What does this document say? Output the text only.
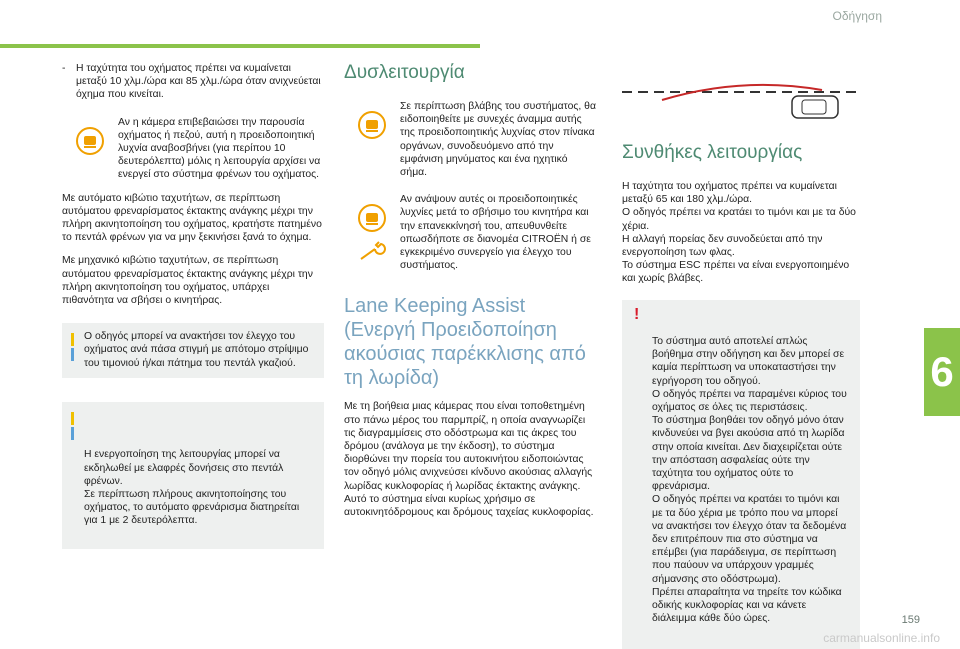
Οδήγηση
-	Η ταχύτητα του οχήματος πρέπει να κυμαίνεται μεταξύ 10 χλμ./ώρα και 85 χλμ./ώρα όταν ανιχνεύεται όχημα που κινείται.
Αν η κάμερα επιβεβαιώσει την παρουσία οχήματος ή πεζού, αυτή η προειδοποιητική λυχνία αναβοσβήνει (για περίπου 10 δευτερόλεπτα) μόλις η λειτουργία αρχίσει να ενεργεί στο σύστημα φρένων του οχήματος.
Με αυτόματο κιβώτιο ταχυτήτων, σε περίπτωση αυτόματου φρεναρίσματος έκτακτης ανάγκης μέχρι την πλήρη ακινητοποίηση του οχήματος, κρατήστε πατημένο το πεντάλ φρένων για να μην ξεκινήσει ξανά το όχημα.
Με μηχανικό κιβώτιο ταχυτήτων, σε περίπτωση αυτόματου φρεναρίσματος έκτακτης ανάγκης μέχρι την πλήρη ακινητοποίηση του οχήματος, υπάρχει πιθανότητα να σβήσει ο κινητήρας.
Ο οδηγός μπορεί να ανακτήσει τον έλεγχο του οχήματος ανά πάσα στιγμή με απότομο στρίψιμο του τιμονιού ή/και πάτημα του πεντάλ γκαζιού.

Η ενεργοποίηση της λειτουργίας μπορεί να εκδηλωθεί με ελαφρές δονήσεις στο πεντάλ φρένων.
Σε περίπτωση πλήρους ακινητοποίησης του οχήματος, το αυτόματο φρενάρισμα διατηρείται για 1 με 2 δευτερόλεπτα.

Δυσλειτουργία
Σε περίπτωση βλάβης του συστήματος, θα ειδοποιηθείτε με συνεχές άναμμα αυτής της προειδοποιητικής λυχνίας στον πίνακα οργάνων, συνοδευόμενο από την εμφάνιση μηνύματος και ένα ηχητικό σήμα.
Αν ανάψουν αυτές οι προειδοποιητικές λυχνίες μετά το σβήσιμο του κινητήρα και την επανεκκίνησή του, απευθυνθείτε οπωσδήποτε σε διανομέα CITROËN ή σε εγκεκριμένο συνεργείο για έλεγχο του συστήματος.
Lane Keeping Assist (Ενεργή Προειδοποίηση ακούσιας παρέκκλισης από τη λωρίδα)
Με τη βοήθεια μιας κάμερας που είναι τοποθετημένη στο πάνω μέρος του παρμπρίζ, η οποία αναγνωρίζει τις διαγραμμίσεις στο οδόστρωμα και τις άκρες του δρόμου (ανάλογα με την έκδοση), το σύστημα διορθώνει την πορεία του αυτοκινήτου ειδοποιώντας τον οδηγό μόλις ανιχνεύσει κίνδυνο ακούσιας αλλαγής λωρίδας κυκλοφορίας ή λωρίδας έκτακτης ανάγκης.
Αυτό το σύστημα είναι κυρίως χρήσιμο σε αυτοκινητόδρομους και δρόμους ταχείας κυκλοφορίας.
Συνθήκες λειτουργίας
Η ταχύτητα του οχήματος πρέπει να κυμαίνεται μεταξύ 65 και 180 χλμ./ώρα.
Ο οδηγός πρέπει να κρατάει το τιμόνι και με τα δύο χέρια.
Η αλλαγή πορείας δεν συνοδεύεται από την ενεργοποίηση των φλας.
Το σύστημα ESC πρέπει να είναι ενεργοποιημένο και χωρίς βλάβες.

!

Το σύστημα αυτό αποτελεί απλώς βοήθημα στην οδήγηση και δεν μπορεί σε καμία περίπτωση να υποκαταστήσει την εγρήγορση του οδηγού.
Ο οδηγός πρέπει να παραμένει κύριος του οχήματος σε όλες τις περιστάσεις.
Το σύστημα βοηθάει τον οδηγό μόνο όταν κινδυνεύει να βγει ακούσια από τη λωρίδα στην οποία κινείται. Δεν διαχειρίζεται ούτε την απόσταση ασφαλείας ούτε την ταχύτητα του οχήματος ούτε το φρενάρισμα.
Ο οδηγός πρέπει να κρατάει το τιμόνι και με τα δύο χέρια με τρόπο που να μπορεί να ανακτήσει τον έλεγχο όταν τα δεδομένα δεν επιτρέπουν πια στο σύστημα να επέμβει (για παράδειγμα, σε περίπτωση που παύουν να υπάρχουν γραμμές σήμανσης στο οδόστρωμα).
Πρέπει απαραίτητα να τηρείτε τον κώδικα οδικής κυκλοφορίας και να κάνετε διάλειμμα κάθε δύο ώρες.

6
159
carmanualsonline.info
